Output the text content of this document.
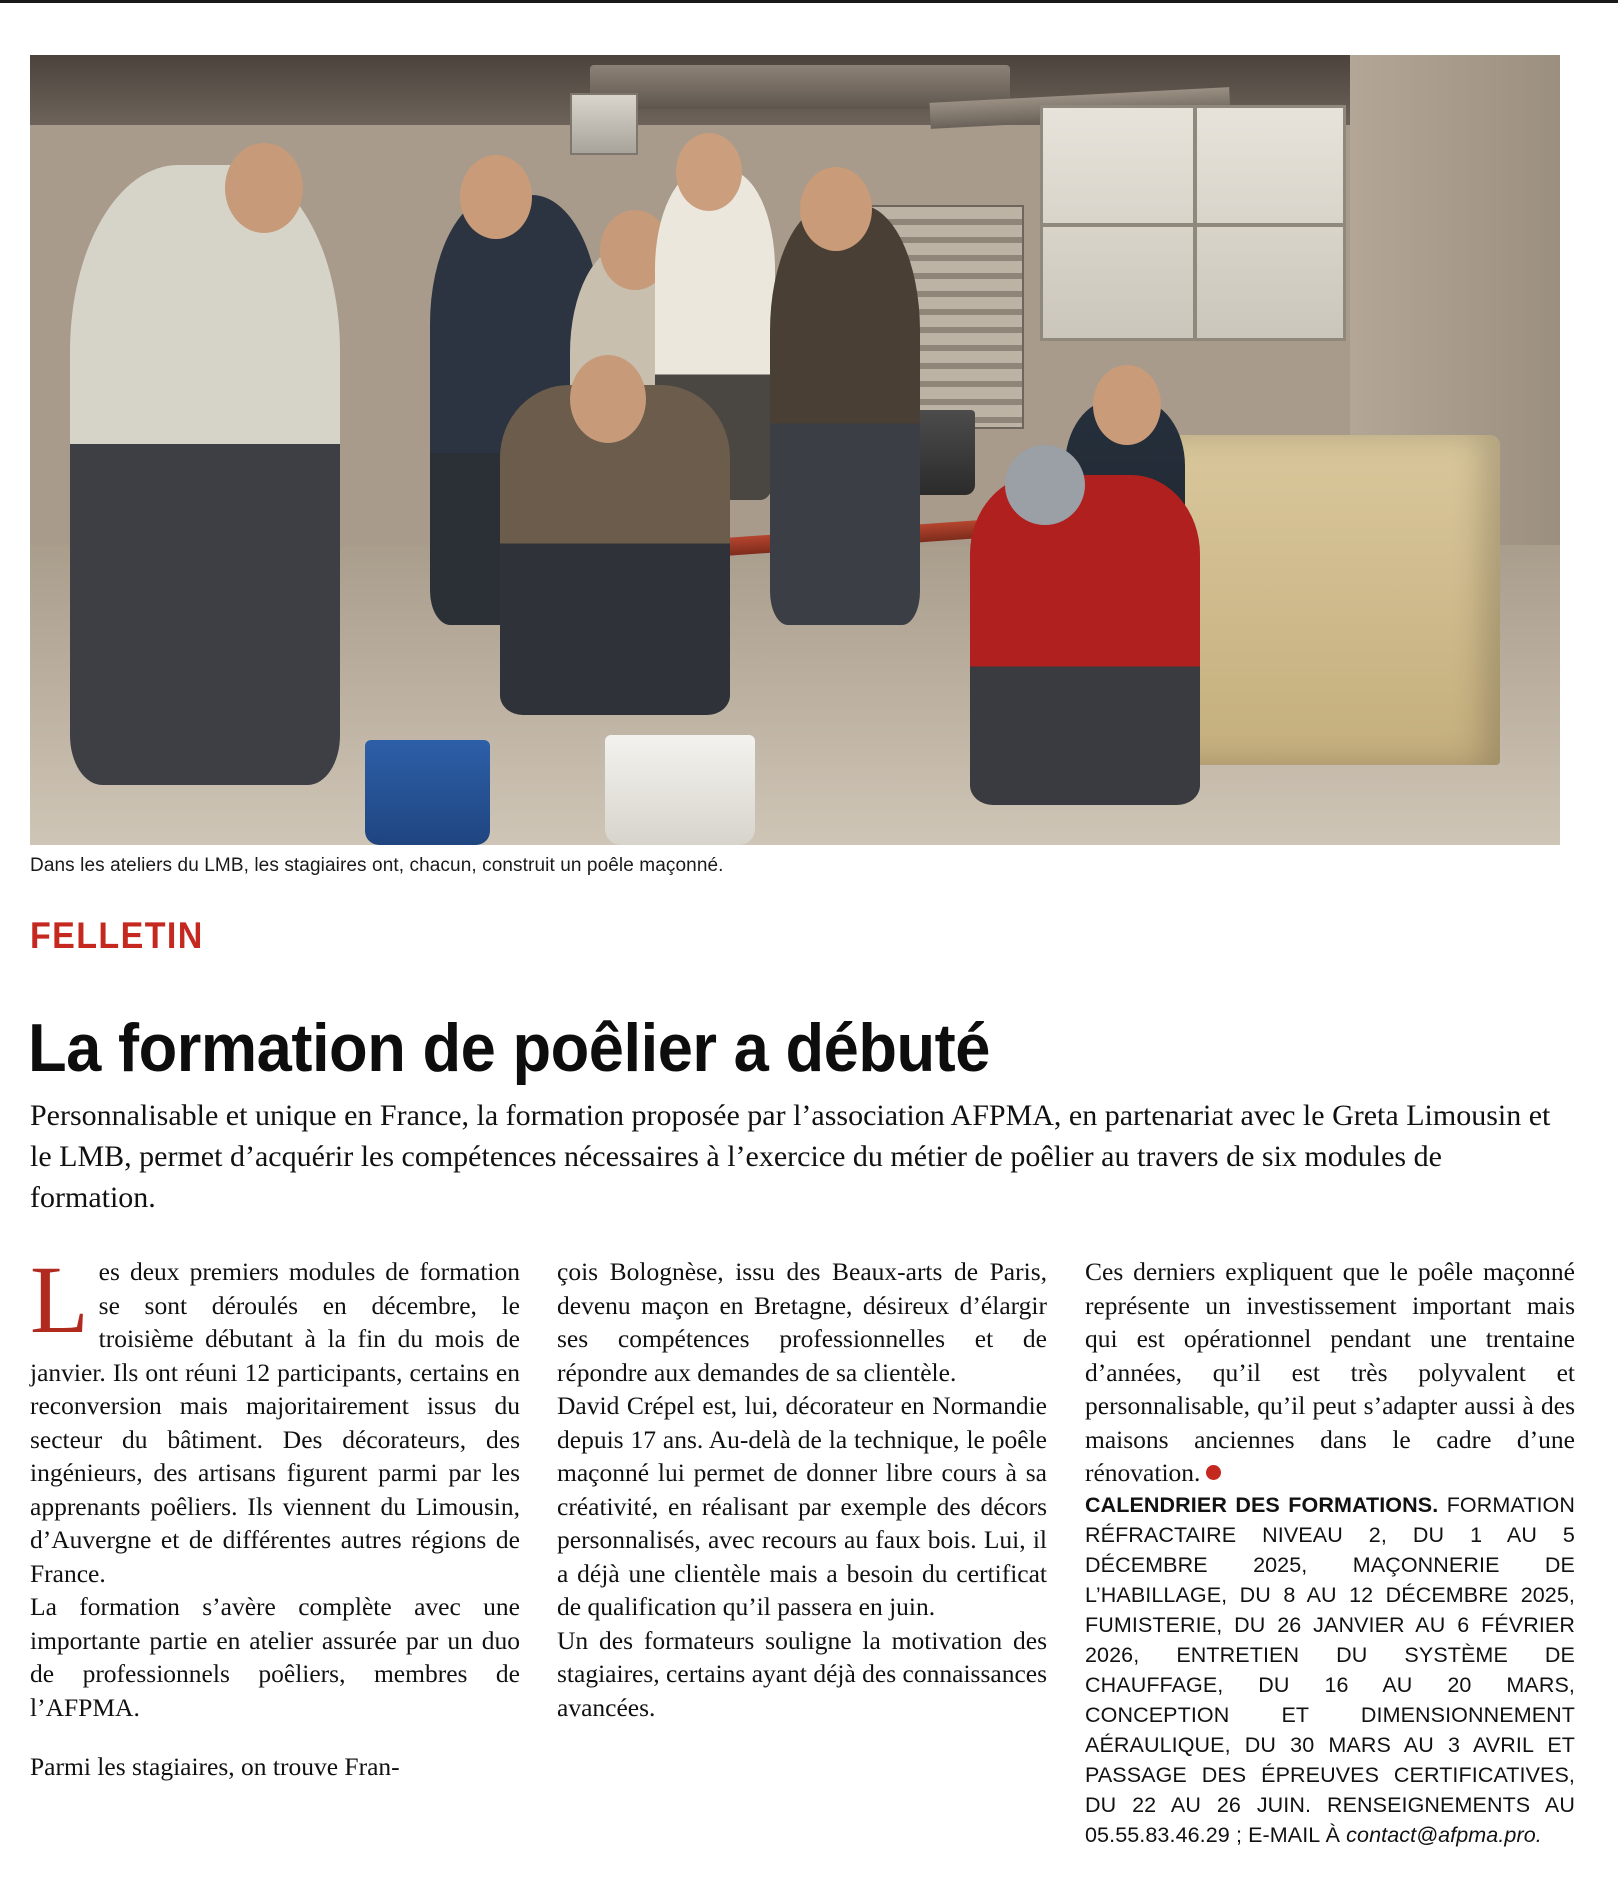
Dans les ateliers du LMB, les stagiaires ont, chacun, construit un poêle maçonné.
FELLETIN
La formation de poêlier a débuté
Personnalisable et unique en France, la formation proposée par l’association AFPMA, en partenariat avec le Greta Limousin et le LMB, permet d’acquérir les compétences nécessaires à l’exercice du métier de poêlier au travers de six modules de formation.

Les deux premiers modules de formation se sont déroulés en décembre, le troisième débutant à la fin du mois de janvier. Ils ont réuni 12 participants, certains en reconversion mais majoritairement issus du secteur du bâtiment. Des décorateurs, des ingénieurs, des artisans figurent parmi par les apprenants poêliers. Ils viennent du Limousin, d’Auvergne et de différentes autres régions de France.

La formation s’avère complète avec une importante partie en atelier assurée par un duo de professionnels poêliers, membres de l’AFPMA.

Parmi les stagiaires, on trouve Fran-

çois Bolognèse, issu des Beaux-arts de Paris, devenu maçon en Bretagne, désireux d’élargir ses compétences professionnelles et de répondre aux demandes de sa clientèle.

David Crépel est, lui, décorateur en Normandie depuis 17 ans. Au-delà de la technique, le poêle maçonné lui permet de donner libre cours à sa créativité, en réalisant par exemple des décors personnalisés, avec recours au faux bois. Lui, il a déjà une clientèle mais a besoin du certificat de qualification qu’il passera en juin.

Un des formateurs souligne la motivation des stagiaires, certains ayant déjà des connaissances avancées.

Ces derniers expliquent que le poêle maçonné représente un investissement important mais qui est opérationnel pendant une trentaine d’années, qu’il est très polyvalent et personnalisable, qu’il peut s’adapter aussi à des maisons anciennes dans le cadre d’une rénovation.

CALENDRIER DES FORMATIONS. FORMATION RÉFRACTAIRE NIVEAU 2, DU 1 AU 5 DÉCEMBRE 2025, MAÇONNERIE DE L’HABILLAGE, DU 8 AU 12 DÉCEMBRE 2025, FUMISTERIE, DU 26 JANVIER AU 6 FÉVRIER 2026, ENTRETIEN DU SYSTÈME DE CHAUFFAGE, DU 16 AU 20 MARS, CONCEPTION ET DIMENSIONNEMENT AÉRAULIQUE, DU 30 MARS AU 3 AVRIL ET PASSAGE DES ÉPREUVES CERTIFICATIVES, DU 22 AU 26 JUIN. RENSEIGNEMENTS AU 05.55.83.46.29 ; E-MAIL À contact@afpma.pro.
